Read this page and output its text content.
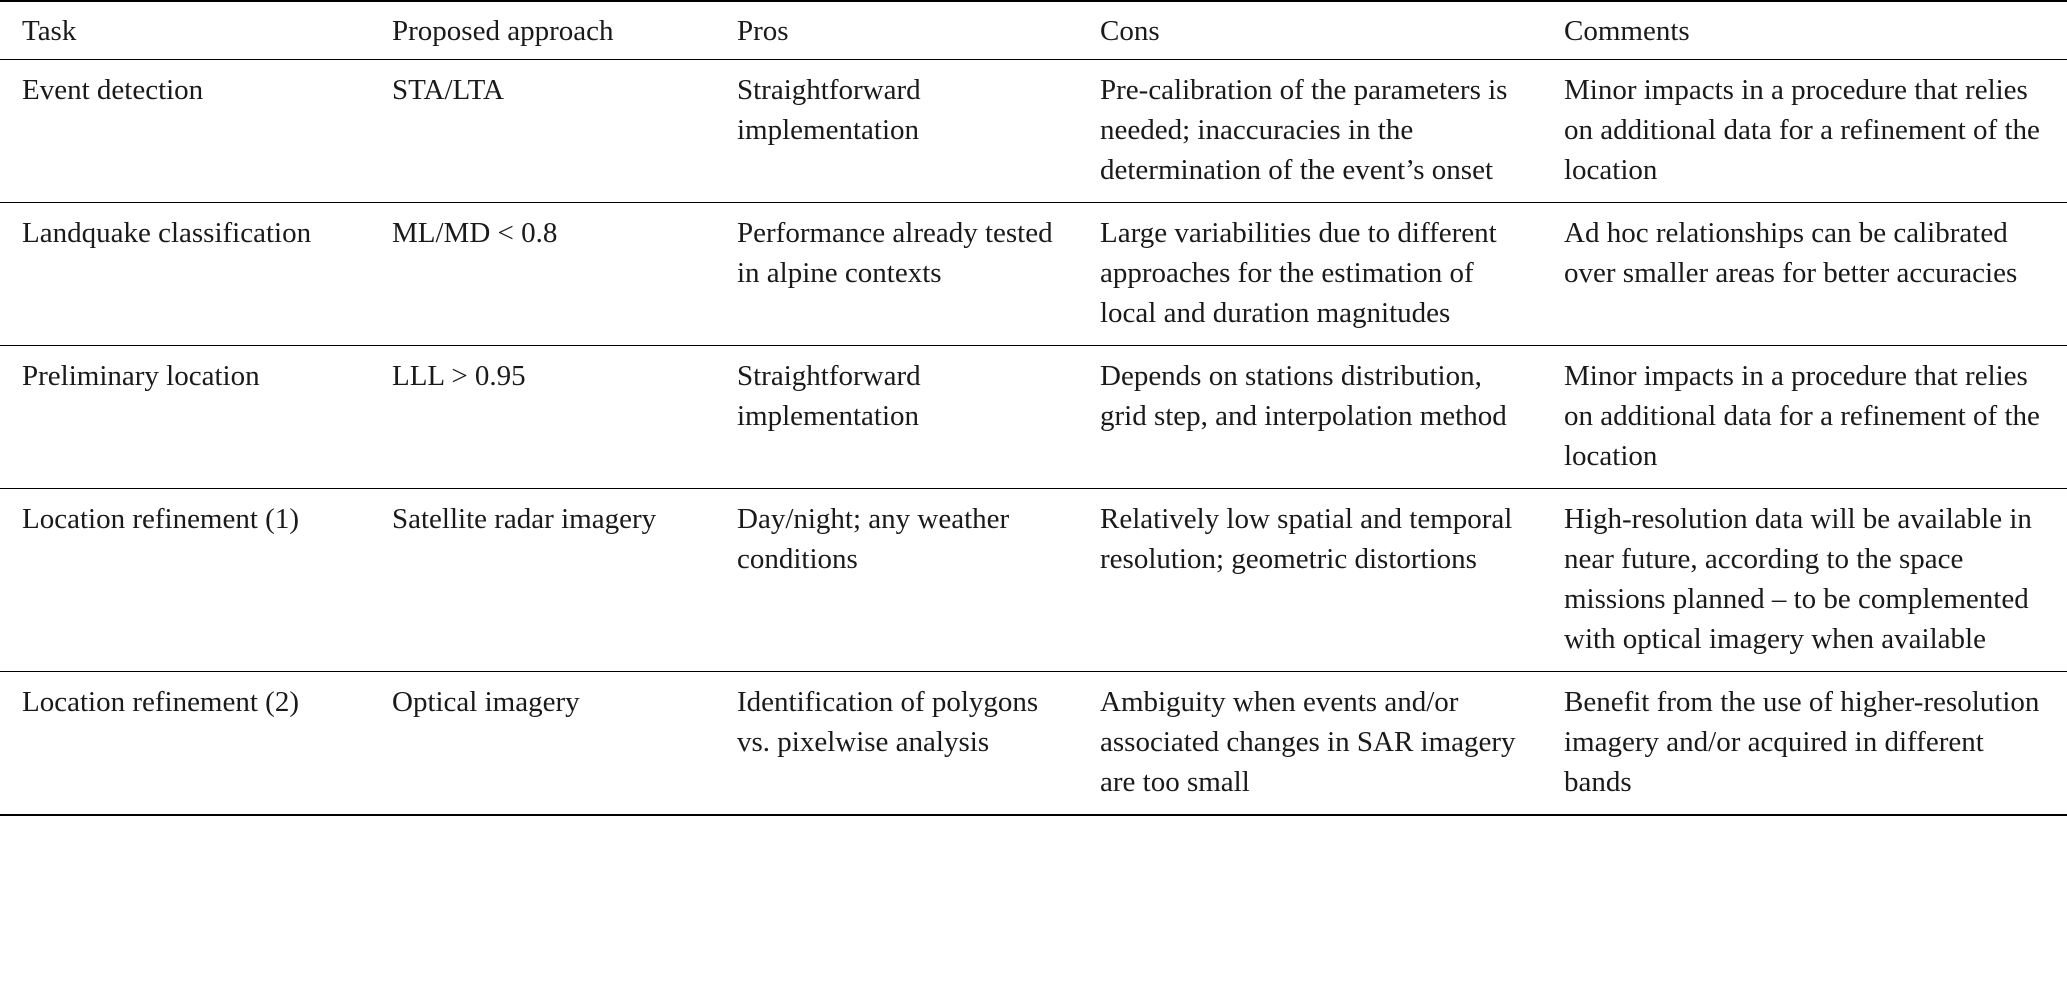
Task	Proposed approach	Pros	Cons	Comments
Event detection	STA/LTA	Straightforward implementation	Pre-calibration of the parameters is needed; inaccuracies in the determination of the event’s onset	Minor impacts in a procedure that relies on additional data for a refinement of the location
Landquake classification	ML/MD < 0.8	Performance already tested in alpine contexts	Large variabilities due to different approaches for the estimation of local and duration magnitudes	Ad hoc relationships can be calibrated over smaller areas for better accuracies
Preliminary location	LLL > 0.95	Straightforward implementation	Depends on stations distribution, grid step, and interpolation method	Minor impacts in a procedure that relies on additional data for a refinement of the location
Location refinement (1)	Satellite radar imagery	Day/night; any weather conditions	Relatively low spatial and temporal resolution; geometric distortions	High-resolution data will be available in near future, according to the space missions planned – to be complemented with optical imagery when available
Location refinement (2)	Optical imagery	Identification of polygons vs. pixelwise analysis	Ambiguity when events and/or associated changes in SAR imagery are too small	Benefit from the use of higher-resolution imagery and/or acquired in different bands
